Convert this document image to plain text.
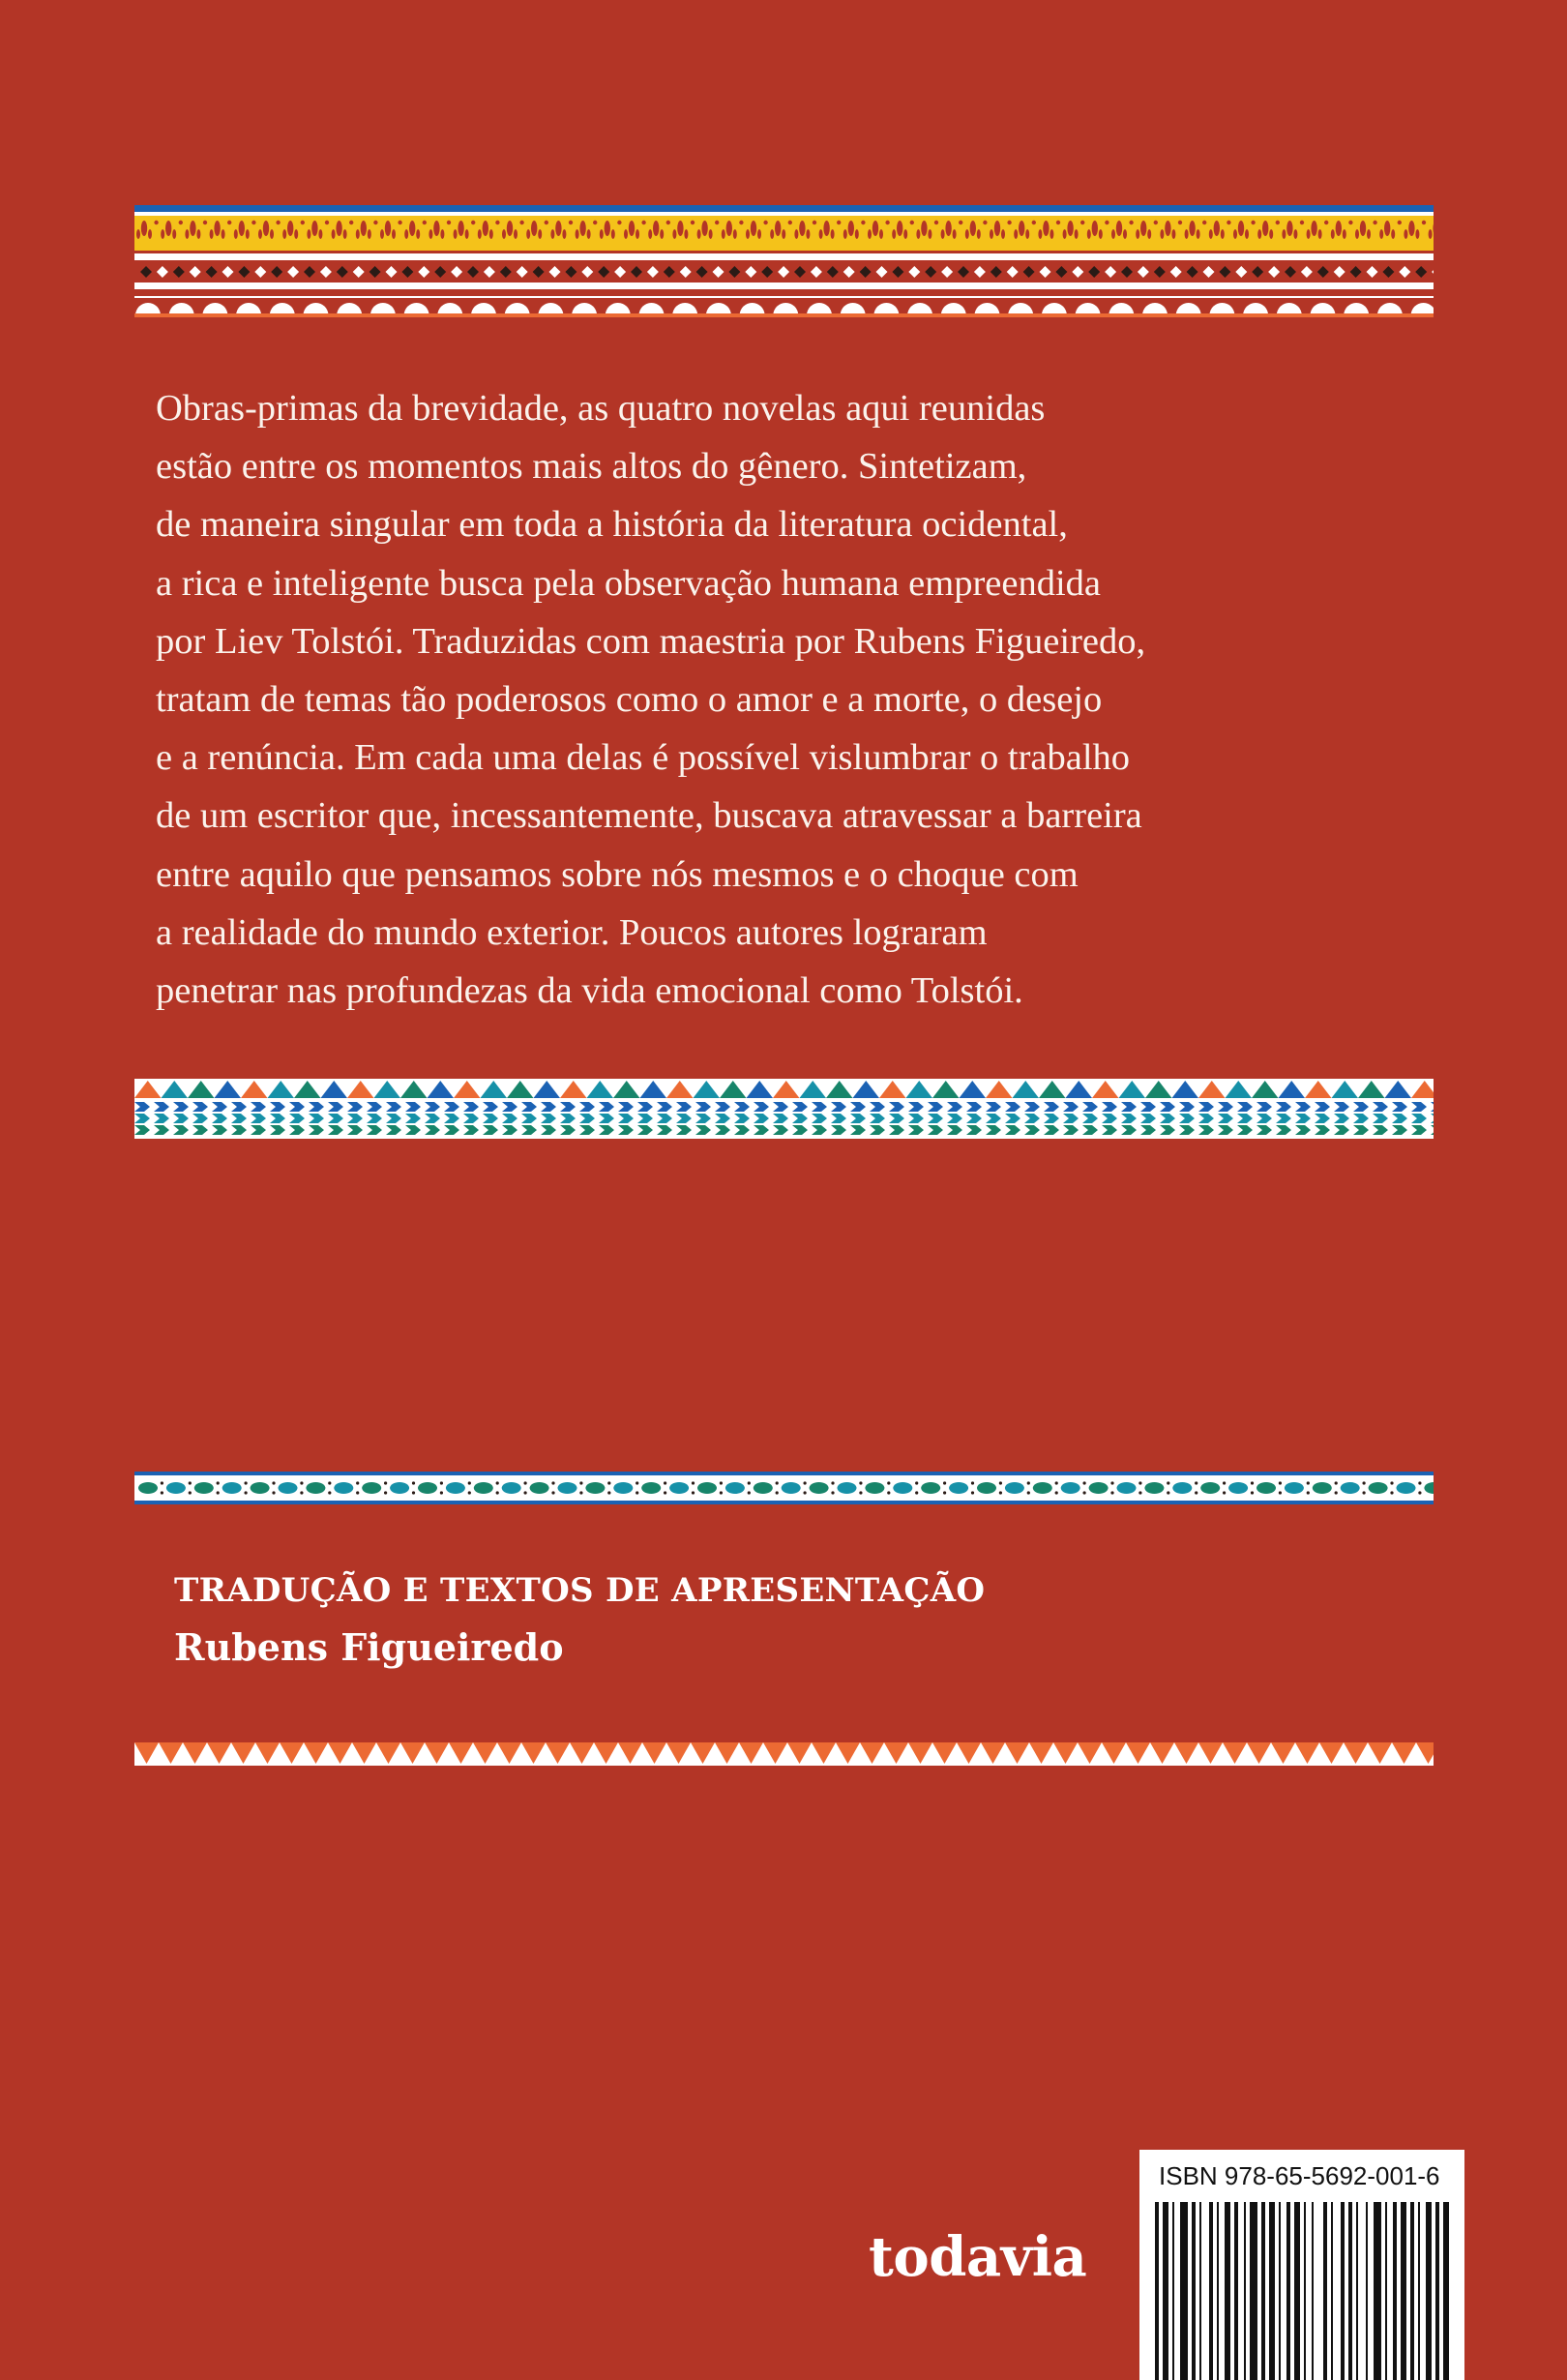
Obras-primas da brevidade, as quatro novelas aqui reunidas
estão entre os momentos mais altos do gênero. Sintetizam,
de maneira singular em toda a história da literatura ocidental,
a rica e inteligente busca pela observação humana empreendida
por Liev Tolstói. Traduzidas com maestria por Rubens Figueiredo,
tratam de temas tão poderosos como o amor e a morte, o desejo
e a renúncia. Em cada uma delas é possível vislumbrar o trabalho
de um escritor que, incessantemente, buscava atravessar a barreira
entre aquilo que pensamos sobre nós mesmos e o choque com
a realidade do mundo exterior. Poucos autores lograram
penetrar nas profundezas da vida emocional como Tolstói.
TRADUÇÃO E TEXTOS DE APRESENTAÇÃO
Rubens Figueiredo
todavia
ISBN 978-65-5692-001-6
